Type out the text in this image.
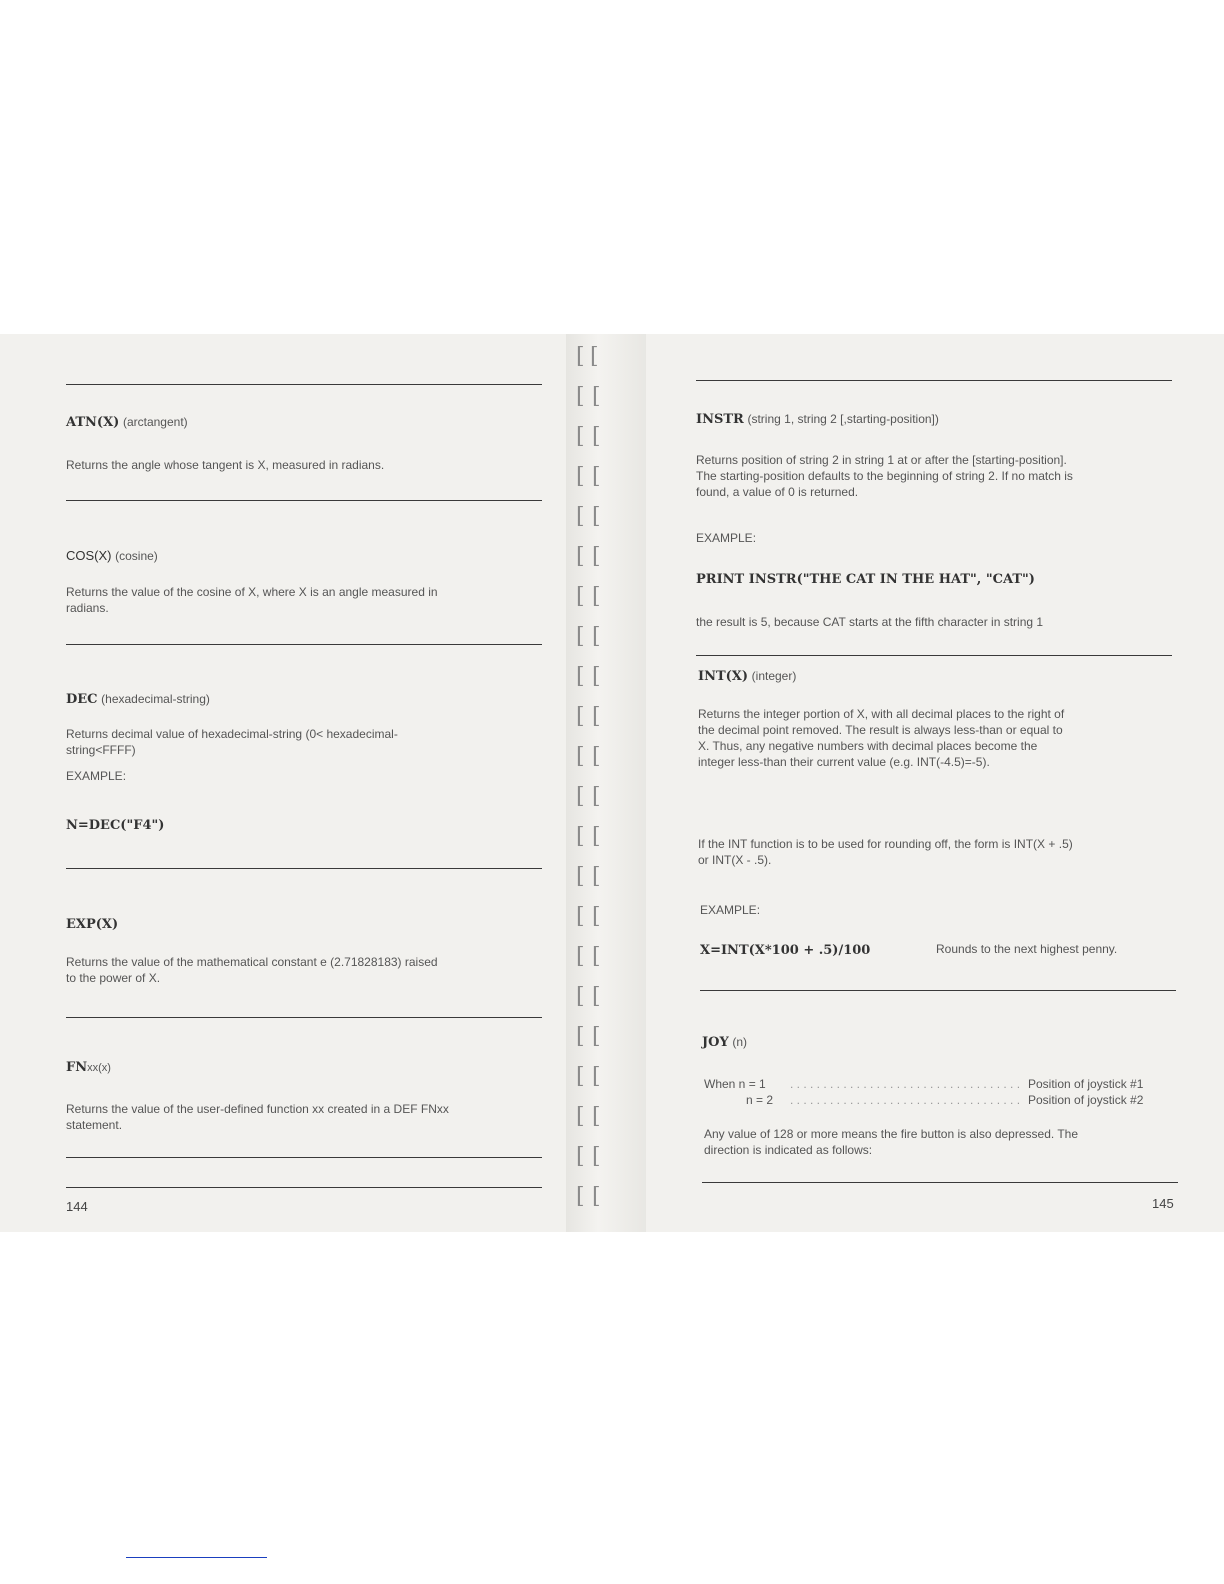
[ [
[ [
[ [
[ [
[ [
[ [
[ [
[ [
[ [
[ [
[ [
[ [
[ [
[ [
[ [
[ [
[ [
[ [
[ [
[ [
[ [
[ [
ATN(X) (arctangent)
Returns the angle whose tangent is X, measured in radians.
COS(X) (cosine)
Returns the value of the cosine of X, where X is an angle measured in
radians.
DEC (hexadecimal-string)
Returns decimal value of hexadecimal-string (0< hexadecimal-
string<FFFF)
EXAMPLE:
N=DEC("F4")
EXP(X)
Returns the value of the mathematical constant e (2.71828183) raised
to the power of X.
FNxx(x)
Returns the value of the user-defined function xx created in a DEF FNxx
statement.
144
INSTR (string 1, string 2 [,starting-position])
Returns position of string 2 in string 1 at or after the [starting-position].
The starting-position defaults to the beginning of string 2. If no match is
found, a value of 0 is returned.
EXAMPLE:
PRINT INSTR("THE CAT IN THE HAT", "CAT")
the result is 5, because CAT starts at the fifth character in string 1
INT(X) (integer)
Returns the integer portion of X, with all decimal places to the right of
the decimal point removed. The result is always less-than or equal to
X. Thus, any negative numbers with decimal places become the
integer less-than their current value (e.g. INT(-4.5)=-5).
If the INT function is to be used for rounding off, the form is INT(X + .5)
or INT(X - .5).
EXAMPLE:
X=INT(X*100 + .5)/100	Rounds to the next highest penny.
JOY (n)
When n = 1 . . . . . . . . . . . . . . . . . . . . . . . . . . . . . . . . . . . Position of joystick #1
n = 2 . . . . . . . . . . . . . . . . . . . . . . . . . . . . . . . . . . . Position of joystick #2
Any value of 128 or more means the fire button is also depressed. The
direction is indicated as follows:
145
